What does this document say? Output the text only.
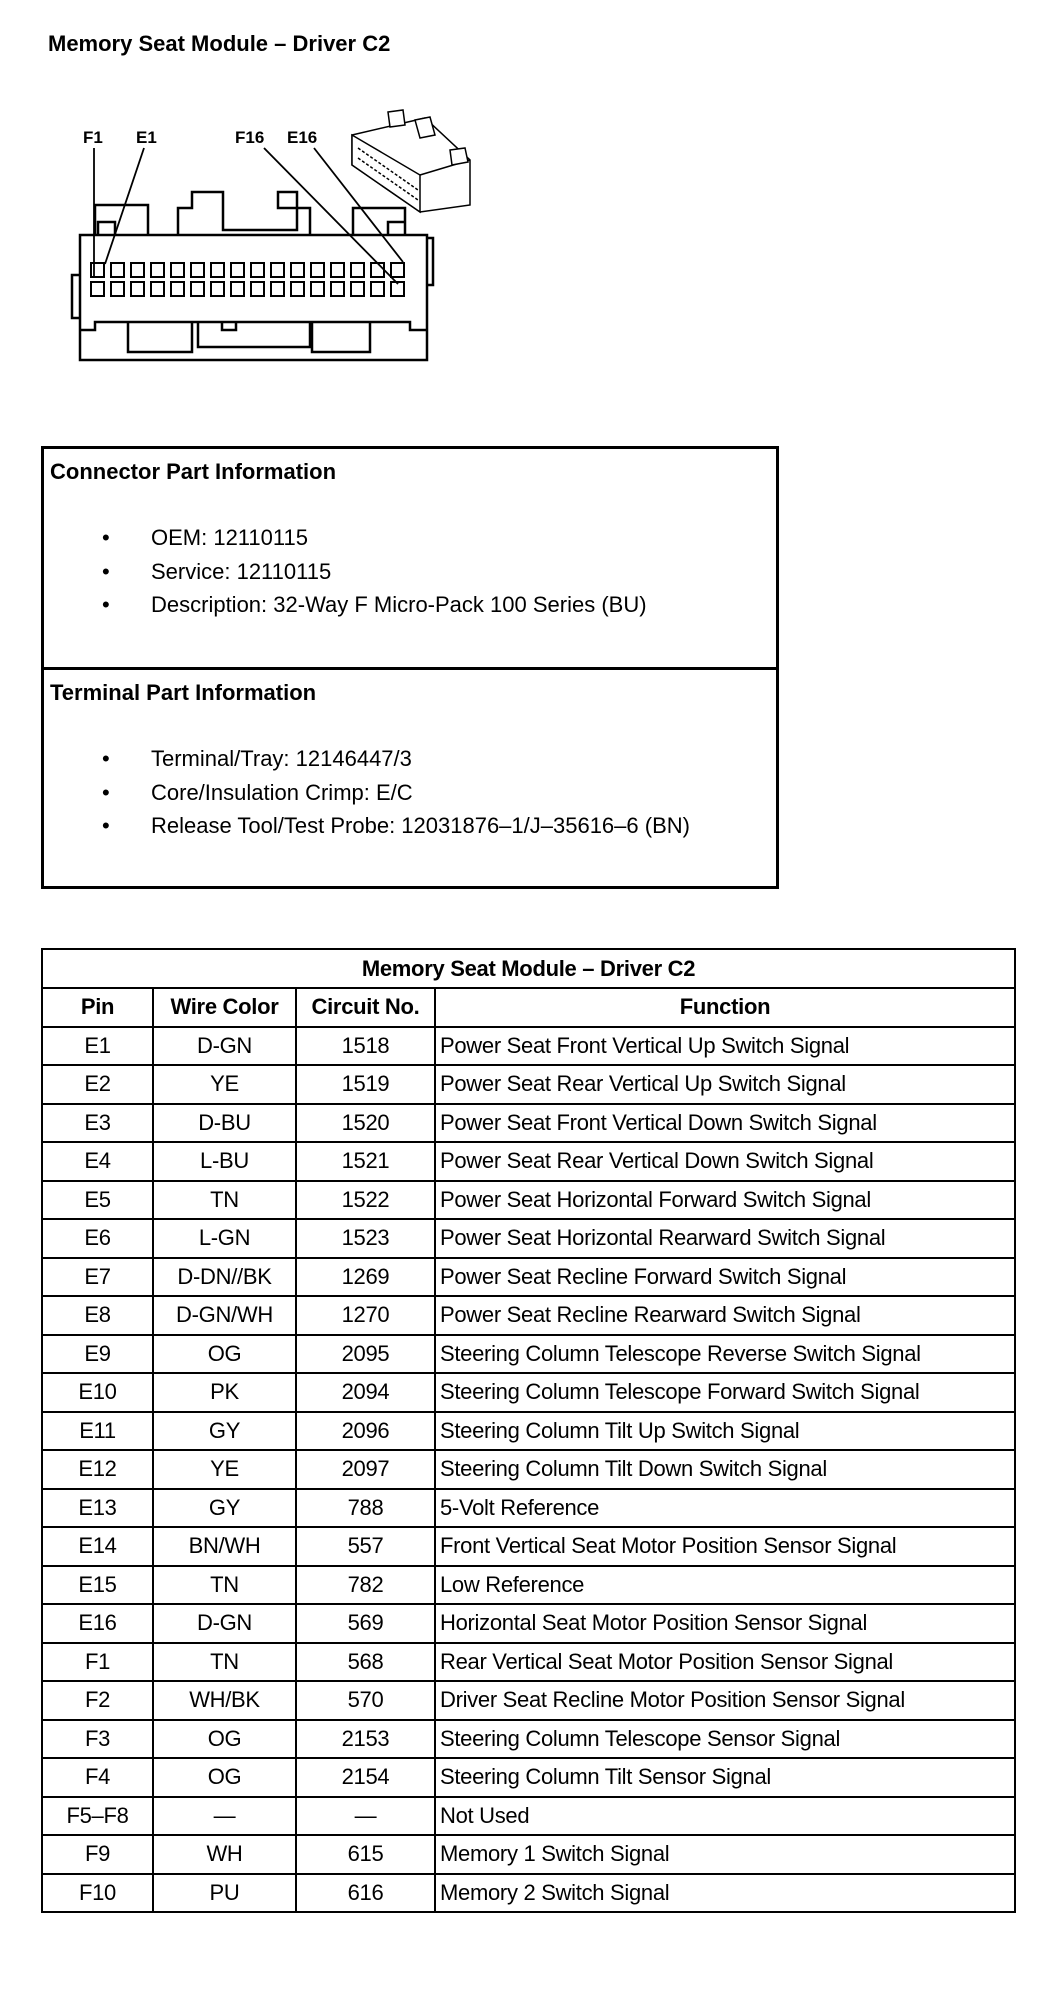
Memory Seat Module – Driver C2
F1 E1	F16 E16
Connector Part Information
• OEM: 12110115
• Service: 12110115
• Description: 32-Way F Micro-Pack 100 Series (BU)
Terminal Part Information
• Terminal/Tray: 12146447/3
• Core/Insulation Crimp: E/C
• Release Tool/Test Probe: 12031876–1/J–35616–6 (BN)
Memory Seat Module – Driver C2			
Pin	Wire Color	Circuit No.	Function
E1	D-GN	1518	Power Seat Front Vertical Up Switch Signal
E2	YE	1519	Power Seat Rear Vertical Up Switch Signal
E3	D-BU	1520	Power Seat Front Vertical Down Switch Signal
E4	L-BU	1521	Power Seat Rear Vertical Down Switch Signal
E5	TN	1522	Power Seat Horizontal Forward Switch Signal
E6	L-GN	1523	Power Seat Horizontal Rearward Switch Signal
E7	D-DN//BK	1269	Power Seat Recline Forward Switch Signal
E8	D-GN/WH	1270	Power Seat Recline Rearward Switch Signal
E9	OG	2095	Steering Column Telescope Reverse Switch Signal
E10	PK	2094	Steering Column Telescope Forward Switch Signal
E11	GY	2096	Steering Column Tilt Up Switch Signal
E12	YE	2097	Steering Column Tilt Down Switch Signal
E13	GY	788	5-Volt Reference
E14	BN/WH	557	Front Vertical Seat Motor Position Sensor Signal
E15	TN	782	Low Reference
E16	D-GN	569	Horizontal Seat Motor Position Sensor Signal
F1	TN	568	Rear Vertical Seat Motor Position Sensor Signal
F2	WH/BK	570	Driver Seat Recline Motor Position Sensor Signal
F3	OG	2153	Steering Column Telescope Sensor Signal
F4	OG	2154	Steering Column Tilt Sensor Signal
F5–F8	—	—	Not Used
F9	WH	615	Memory 1 Switch Signal
F10	PU	616	Memory 2 Switch Signal
